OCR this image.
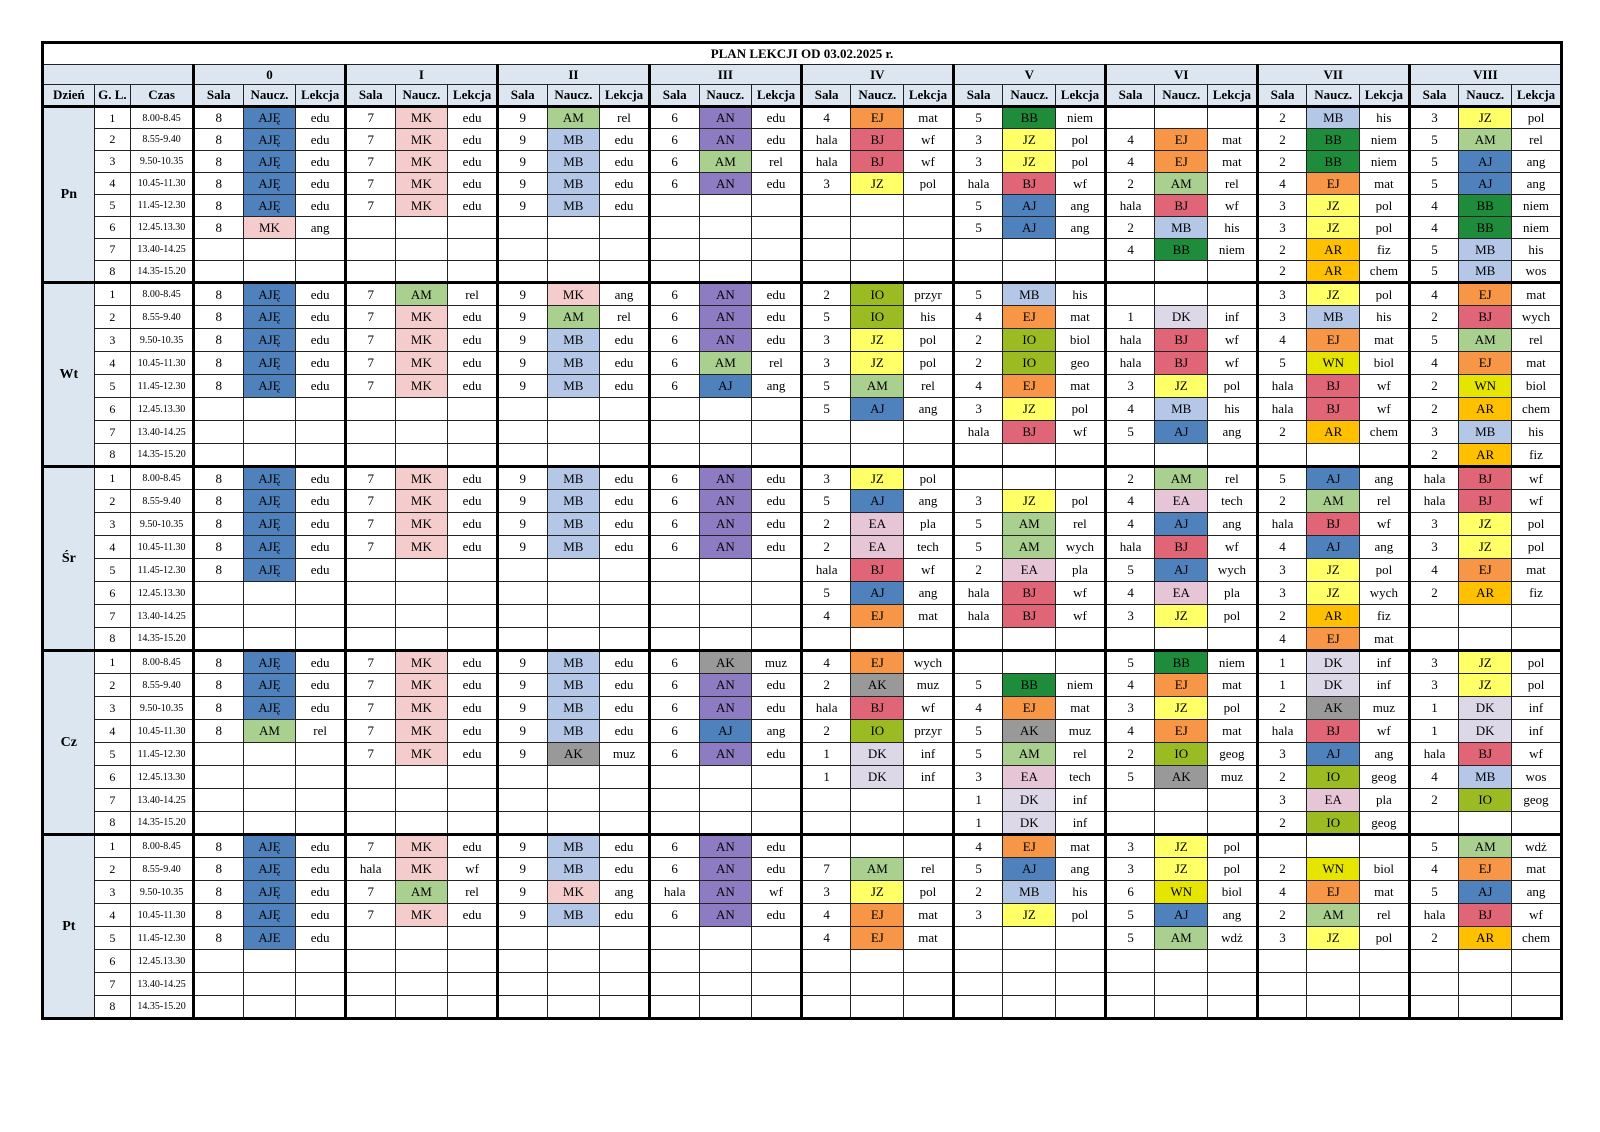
PLAN LEKCJI OD 03.02.2025 r.																													
			0			I			II			III			IV			V			VI			VII			VIII		
Dzień	G. L.	Czas	Sala	Naucz.	Lekcja	Sala	Naucz.	Lekcja	Sala	Naucz.	Lekcja	Sala	Naucz.	Lekcja	Sala	Naucz.	Lekcja	Sala	Naucz.	Lekcja	Sala	Naucz.	Lekcja	Sala	Naucz.	Lekcja	Sala	Naucz.	Lekcja
Pn	1	8.00-8.45	8	AJĘ	edu	7	MK	edu	9	AM	rel	6	AN	edu	4	EJ	mat	5	BB	niem				2	MB	his	3	JZ	pol
	2	8.55-9.40	8	AJĘ	edu	7	MK	edu	9	MB	edu	6	AN	edu	hala	BJ	wf	3	JZ	pol	4	EJ	mat	2	BB	niem	5	AM	rel
	3	9.50-10.35	8	AJĘ	edu	7	MK	edu	9	MB	edu	6	AM	rel	hala	BJ	wf	3	JZ	pol	4	EJ	mat	2	BB	niem	5	AJ	ang
	4	10.45-11.30	8	AJĘ	edu	7	MK	edu	9	MB	edu	6	AN	edu	3	JZ	pol	hala	BJ	wf	2	AM	rel	4	EJ	mat	5	AJ	ang
	5	11.45-12.30	8	AJĘ	edu	7	MK	edu	9	MB	edu							5	AJ	ang	hala	BJ	wf	3	JZ	pol	4	BB	niem
	6	12.45.13.30	8	MK	ang													5	AJ	ang	2	MB	his	3	JZ	pol	4	BB	niem
	7	13.40-14.25																			4	BB	niem	2	AR	fiz	5	MB	his
	8	14.35-15.20																						2	AR	chem	5	MB	wos
Wt	1	8.00-8.45	8	AJĘ	edu	7	AM	rel	9	MK	ang	6	AN	edu	2	IO	przyr	5	MB	his				3	JZ	pol	4	EJ	mat
	2	8.55-9.40	8	AJĘ	edu	7	MK	edu	9	AM	rel	6	AN	edu	5	IO	his	4	EJ	mat	1	DK	inf	3	MB	his	2	BJ	wych
	3	9.50-10.35	8	AJĘ	edu	7	MK	edu	9	MB	edu	6	AN	edu	3	JZ	pol	2	IO	biol	hala	BJ	wf	4	EJ	mat	5	AM	rel
	4	10.45-11.30	8	AJĘ	edu	7	MK	edu	9	MB	edu	6	AM	rel	3	JZ	pol	2	IO	geo	hala	BJ	wf	5	WN	biol	4	EJ	mat
	5	11.45-12.30	8	AJĘ	edu	7	MK	edu	9	MB	edu	6	AJ	ang	5	AM	rel	4	EJ	mat	3	JZ	pol	hala	BJ	wf	2	WN	biol
	6	12.45.13.30													5	AJ	ang	3	JZ	pol	4	MB	his	hala	BJ	wf	2	AR	chem
	7	13.40-14.25																hala	BJ	wf	5	AJ	ang	2	AR	chem	3	MB	his
	8	14.35-15.20																									2	AR	fiz
Śr	1	8.00-8.45	8	AJĘ	edu	7	MK	edu	9	MB	edu	6	AN	edu	3	JZ	pol				2	AM	rel	5	AJ	ang	hala	BJ	wf
	2	8.55-9.40	8	AJĘ	edu	7	MK	edu	9	MB	edu	6	AN	edu	5	AJ	ang	3	JZ	pol	4	EA	tech	2	AM	rel	hala	BJ	wf
	3	9.50-10.35	8	AJĘ	edu	7	MK	edu	9	MB	edu	6	AN	edu	2	EA	pla	5	AM	rel	4	AJ	ang	hala	BJ	wf	3	JZ	pol
	4	10.45-11.30	8	AJĘ	edu	7	MK	edu	9	MB	edu	6	AN	edu	2	EA	tech	5	AM	wych	hala	BJ	wf	4	AJ	ang	3	JZ	pol
	5	11.45-12.30	8	AJĘ	edu										hala	BJ	wf	2	EA	pla	5	AJ	wych	3	JZ	pol	4	EJ	mat
	6	12.45.13.30													5	AJ	ang	hala	BJ	wf	4	EA	pla	3	JZ	wych	2	AR	fiz
	7	13.40-14.25													4	EJ	mat	hala	BJ	wf	3	JZ	pol	2	AR	fiz			
	8	14.35-15.20																						4	EJ	mat			
Cz	1	8.00-8.45	8	AJĘ	edu	7	MK	edu	9	MB	edu	6	AK	muz	4	EJ	wych				5	BB	niem	1	DK	inf	3	JZ	pol
	2	8.55-9.40	8	AJĘ	edu	7	MK	edu	9	MB	edu	6	AN	edu	2	AK	muz	5	BB	niem	4	EJ	mat	1	DK	inf	3	JZ	pol
	3	9.50-10.35	8	AJĘ	edu	7	MK	edu	9	MB	edu	6	AN	edu	hala	BJ	wf	4	EJ	mat	3	JZ	pol	2	AK	muz	1	DK	inf
	4	10.45-11.30	8	AM	rel	7	MK	edu	9	MB	edu	6	AJ	ang	2	IO	przyr	5	AK	muz	4	EJ	mat	hala	BJ	wf	1	DK	inf
	5	11.45-12.30				7	MK	edu	9	AK	muz	6	AN	edu	1	DK	inf	5	AM	rel	2	IO	geog	3	AJ	ang	hala	BJ	wf
	6	12.45.13.30													1	DK	inf	3	EA	tech	5	AK	muz	2	IO	geog	4	MB	wos
	7	13.40-14.25																1	DK	inf				3	EA	pla	2	IO	geog
	8	14.35-15.20																1	DK	inf				2	IO	geog			
Pt	1	8.00-8.45	8	AJĘ	edu	7	MK	edu	9	MB	edu	6	AN	edu				4	EJ	mat	3	JZ	pol				5	AM	wdż
	2	8.55-9.40	8	AJĘ	edu	hala	MK	wf	9	MB	edu	6	AN	edu	7	AM	rel	5	AJ	ang	3	JZ	pol	2	WN	biol	4	EJ	mat
	3	9.50-10.35	8	AJĘ	edu	7	AM	rel	9	MK	ang	hala	AN	wf	3	JZ	pol	2	MB	his	6	WN	biol	4	EJ	mat	5	AJ	ang
	4	10.45-11.30	8	AJĘ	edu	7	MK	edu	9	MB	edu	6	AN	edu	4	EJ	mat	3	JZ	pol	5	AJ	ang	2	AM	rel	hala	BJ	wf
	5	11.45-12.30	8	AJE	edu										4	EJ	mat				5	AM	wdż	3	JZ	pol	2	AR	chem
	6	12.45.13.30																											
	7	13.40-14.25																											
	8	14.35-15.20																											
